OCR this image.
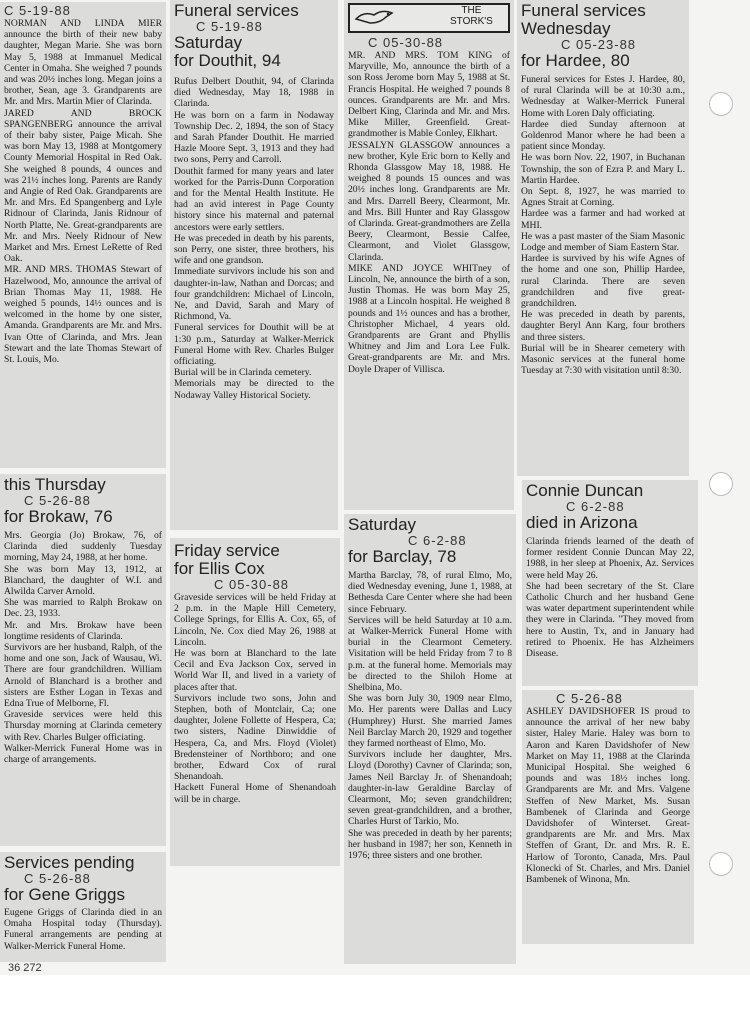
C 5-19-88

NORMAN AND LINDA MIER announce the birth of their new baby daughter, Megan Marie. She was born May 5, 1988 at Immanuel Medical Center in Omaha. She weighed 7 pounds and was 20½ inches long. Megan joins a brother, Sean, age 3. Grandparents are Mr. and Mrs. Martin Mier of Clarinda.
JARED AND BROCK SPANGENBERG announce the arrival of their baby sister, Paige Micah. She was born May 13, 1988 at Montgomery County Memorial Hospital in Red Oak. She weighed 8 pounds, 4 ounces and was 21½ inches long. Parents are Randy and Angie of Red Oak. Grandparents are Mr. and Mrs. Ed Spangenberg and Lyle Ridnour of Clarinda, Janis Ridnour of North Platte, Ne. Great-grandparents are Mr. and Mrs. Neely Ridnour of New Market and Mrs. Ernest LeRette of Red Oak.
MR. AND MRS. THOMAS Stewart of Hazelwood, Mo, announce the arrival of Brian Thomas May 11, 1988. He weighed 5 pounds, 14½ ounces and is welcomed in the home by one sister, Amanda. Grandparents are Mr. and Mrs. Ivan Otte of Clarinda, and Mrs. Jean Stewart and the late Thomas Stewart of St. Louis, Mo.

Funeral services
C 5-19-88
Saturday
for Douthit, 94

Rufus Delbert Douthit, 94, of Clarinda died Wednesday, May 18, 1988 in Clarinda.
He was born on a farm in Nodaway Township Dec. 2, 1894, the son of Stacy and Sarah Pfander Douthit. He married Hazle Moore Sept. 3, 1913 and they had two sons, Perry and Carroll.
Douthit farmed for many years and later worked for the Parris-Dunn Corporation and for the Mental Health Institute. He had an avid interest in Page County history since his maternal and paternal ancestors were early settlers.
He was preceded in death by his parents, son Perry, one sister, three brothers, his wife and one grandson.
Immediate survivors include his son and daughter-in-law, Nathan and Dorcas; and four grandchildren: Michael of Lincoln, Ne, and David, Sarah and Mary of Richmond, Va.
Funeral services for Douthit will be at 1:30 p.m., Saturday at Walker-Merrick Funeral Home with Rev. Charles Bulger officiating.
Burial will be in Clarinda cemetery.
Memorials may be directed to the Nodaway Valley Historical Society.

THE
STORK'S
C 05-30-88

MR. AND MRS. TOM KING of Maryville, Mo, announce the birth of a son Ross Jerome born May 5, 1988 at St. Francis Hospital. He weighed 7 pounds 8 ounces. Grandparents are Mr. and Mrs. Delbert King, Clarinda and Mr. and Mrs. Mike Miller, Greenfield. Great-grandmother is Mable Conley, Elkhart.
JESSALYN GLASSGOW announces a new brother, Kyle Eric born to Kelly and Rhonda Glassgow May 18, 1988. He weighed 8 pounds 15 ounces and was 20½ inches long. Grandparents are Mr. and Mrs. Darrell Beery, Clearmont, Mr. and Mrs. Bill Hunter and Ray Glassgow of Clarinda. Great-grandmothers are Zella Beery, Clearmont, Bessie Calfee, Clearmont, and Violet Glassgow, Clarinda.
MIKE AND JOYCE WHITney of Lincoln, Ne, announce the birth of a son, Justin Thomas. He was born May 25, 1988 at a Lincoln hospital. He weighed 8 pounds and 1½ ounces and has a brother, Christopher Michael, 4 years old. Grandparents are Grant and Phyllis Whitney and Jim and Lora Lee Fulk. Great-grandparents are Mr. and Mrs. Doyle Draper of Villisca.

Funeral services
Wednesday
C 05-23-88
for Hardee, 80

Funeral services for Estes J. Hardee, 80, of rural Clarinda will be at 10:30 a.m., Wednesday at Walker-Merrick Funeral Home with Loren Daly officiating.
Hardee died Sunday afternoon at Goldenrod Manor where he had been a patient since Monday.
He was born Nov. 22, 1907, in Buchanan Township, the son of Ezra P. and Mary L. Martin Hardee.
On Sept. 8, 1927, he was married to Agnes Strait at Corning.
Hardee was a farmer and had worked at MHI.
He was a past master of the Siam Masonic Lodge and member of Siam Eastern Star.
Hardee is survived by his wife Agnes of the home and one son, Phillip Hardee, rural Clarinda. There are seven grandchildren and five great-grandchildren.
He was preceded in death by parents, daughter Beryl Ann Karg, four brothers and three sisters.
Burial will be in Shearer cemetery with Masonic services at the funeral home Tuesday at 7:30 with visitation until 8:30.

this Thursday
C 5-26-88
for Brokaw, 76

Mrs. Georgia (Jo) Brokaw, 76, of Clarinda died suddenly Tuesday morning, May 24, 1988, at her home.
She was born May 13, 1912, at Blanchard, the daughter of W.I. and Alwilda Carver Arnold.
She was married to Ralph Brokaw on Dec. 23, 1933.
Mr. and Mrs. Brokaw have been longtime residents of Clarinda.
Survivors are her husband, Ralph, of the home and one son, Jack of Wausau, Wi. There are four grandchildren. William Arnold of Blanchard is a brother and sisters are Esther Logan in Texas and Edna True of Melborne, Fl.
Graveside services were held this Thursday morning at Clarinda cemetery with Rev. Charles Bulger officiating.
Walker-Merrick Funeral Home was in charge of arrangements.

Friday service
for Ellis Cox
C 05-30-88

Graveside services will be held Friday at 2 p.m. in the Maple Hill Cemetery, College Springs, for Ellis A. Cox, 65, of Lincoln, Ne. Cox died May 26, 1988 at Lincoln.
He was born at Blanchard to the late Cecil and Eva Jackson Cox, served in World War II, and lived in a variety of places after that.
Survivors include two sons, John and Stephen, both of Montclair, Ca; one daughter, Jolene Follette of Hespera, Ca; two sisters, Nadine Dinwiddie of Hespera, Ca, and Mrs. Floyd (Violet) Bredensteiner of Northboro; and one brother, Edward Cox of rural Shenandoah.
Hackett Funeral Home of Shenandoah will be in charge.

Saturday
C 6-2-88
for Barclay, 78

Martha Barclay, 78, of rural Elmo, Mo, died Wednesday evening, June 1, 1988, at Bethesda Care Center where she had been since February.
Services will be held Saturday at 10 a.m. at Walker-Merrick Funeral Home with burial in the Clearmont Cemetery. Visitation will be held Friday from 7 to 8 p.m. at the funeral home. Memorials may be directed to the Shiloh Home at Shelbina, Mo.
She was born July 30, 1909 near Elmo, Mo. Her parents were Dallas and Lucy (Humphrey) Hurst. She married James Neil Barclay March 20, 1929 and together they farmed northeast of Elmo, Mo.
Survivors include her daughter, Mrs. Lloyd (Dorothy) Cavner of Clarinda; son, James Neil Barclay Jr. of Shenandoah; daughter-in-law Geraldine Barclay of Clearmont, Mo; seven grandchildren; seven great-grandchildren, and a brother, Charles Hurst of Tarkio, Mo.
She was preceded in death by her parents; her husband in 1987; her son, Kenneth in 1976; three sisters and one brother.

Connie Duncan
C 6-2-88
died in Arizona

Clarinda friends learned of the death of former resident Connie Duncan May 22, 1988, in her sleep at Phoenix, Az. Services were held May 26.
She had been secretary of the St. Clare Catholic Church and her husband Gene was water department superintendent while they were in Clarinda. "They moved from here to Austin, Tx, and in January had retired to Phoenix. He has Alzheimers Disease.

C 5-26-88

ASHLEY DAVIDSHOFER IS proud to announce the arrival of her new baby sister, Haley Marie. Haley was born to Aaron and Karen Davidshofer of New Market on May 11, 1988 at the Clarinda Municipal Hospital. She weighed 6 pounds and was 18½ inches long. Grandparents are Mr. and Mrs. Valgene Steffen of New Market, Ms. Susan Bambenek of Clarinda and George Davidshofer of Winterset. Great-grandparents are Mr. and Mrs. Max Steffen of Grant, Dr. and Mrs. R. E. Harlow of Toronto, Canada, Mrs. Paul Klonecki of St. Charles, and Mrs. Daniel Bambenek of Winona, Mn.

Services pending
C 5-26-88
for Gene Griggs

Eugene Griggs of Clarinda died in an Omaha Hospital today (Thursday). Funeral arrangements are pending at Walker-Merrick Funeral Home.

36 272
